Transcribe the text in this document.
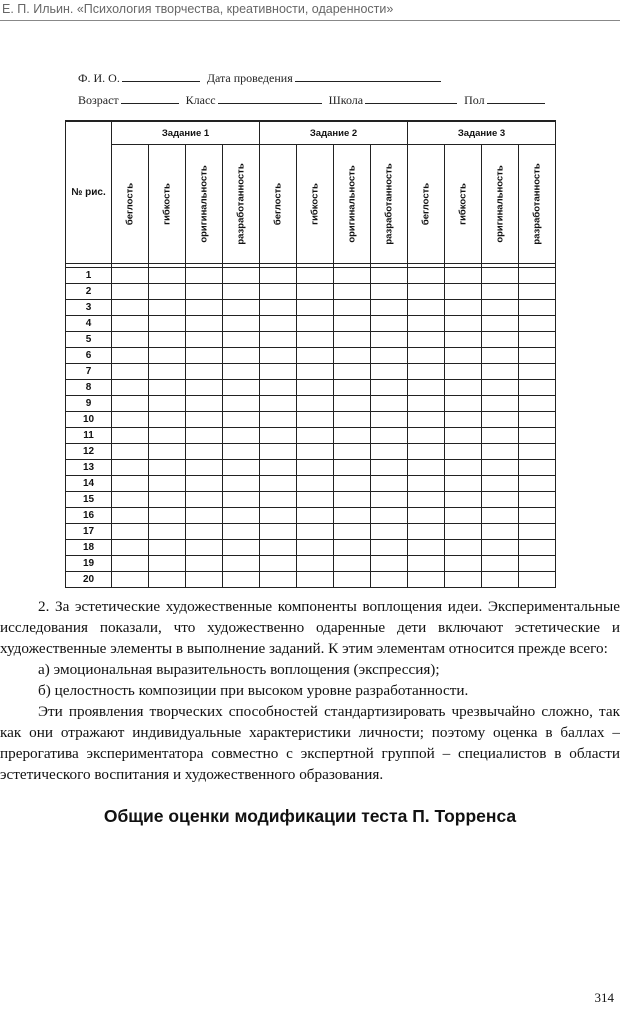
Е. П. Ильин. «Психология творчества, креативности, одаренности»
Ф. И. О.	Дата проведения
Возраст	Класс	Школа	Пол
№ рис.	Задание 1				Задание 2				Задание 3			

	беглость	гибкость	оригинальность	разработанность	беглость	гибкость	оригинальность	разработанность	беглость	гибкость	оригинальность	разработанность

1												
2												
3												
4												
5												
6												
7												
8												
9												
10												
11												
12												
13												
14												
15												
16												
17												
18												
19												
20												

2. За эстетические художественные компоненты воплощения идеи. Экспериментальные исследования показали, что художественно одаренные дети включают эстетические и художественные элементы в выполнение заданий. К этим элементам относится прежде всего:

а) эмоциональная выразительность воплощения (экспрессия);

б) целостность композиции при высоком уровне разработанности.

Эти проявления творческих способностей стандартизировать чрезвычайно сложно, так как они отражают индивидуальные характеристики личности; поэтому оценка в баллах – прерогатива экспериментатора совместно с экспертной группой – специалистов в области эстетического воспитания и художественного образования.

Общие оценки модификации теста П. Торренса
314
